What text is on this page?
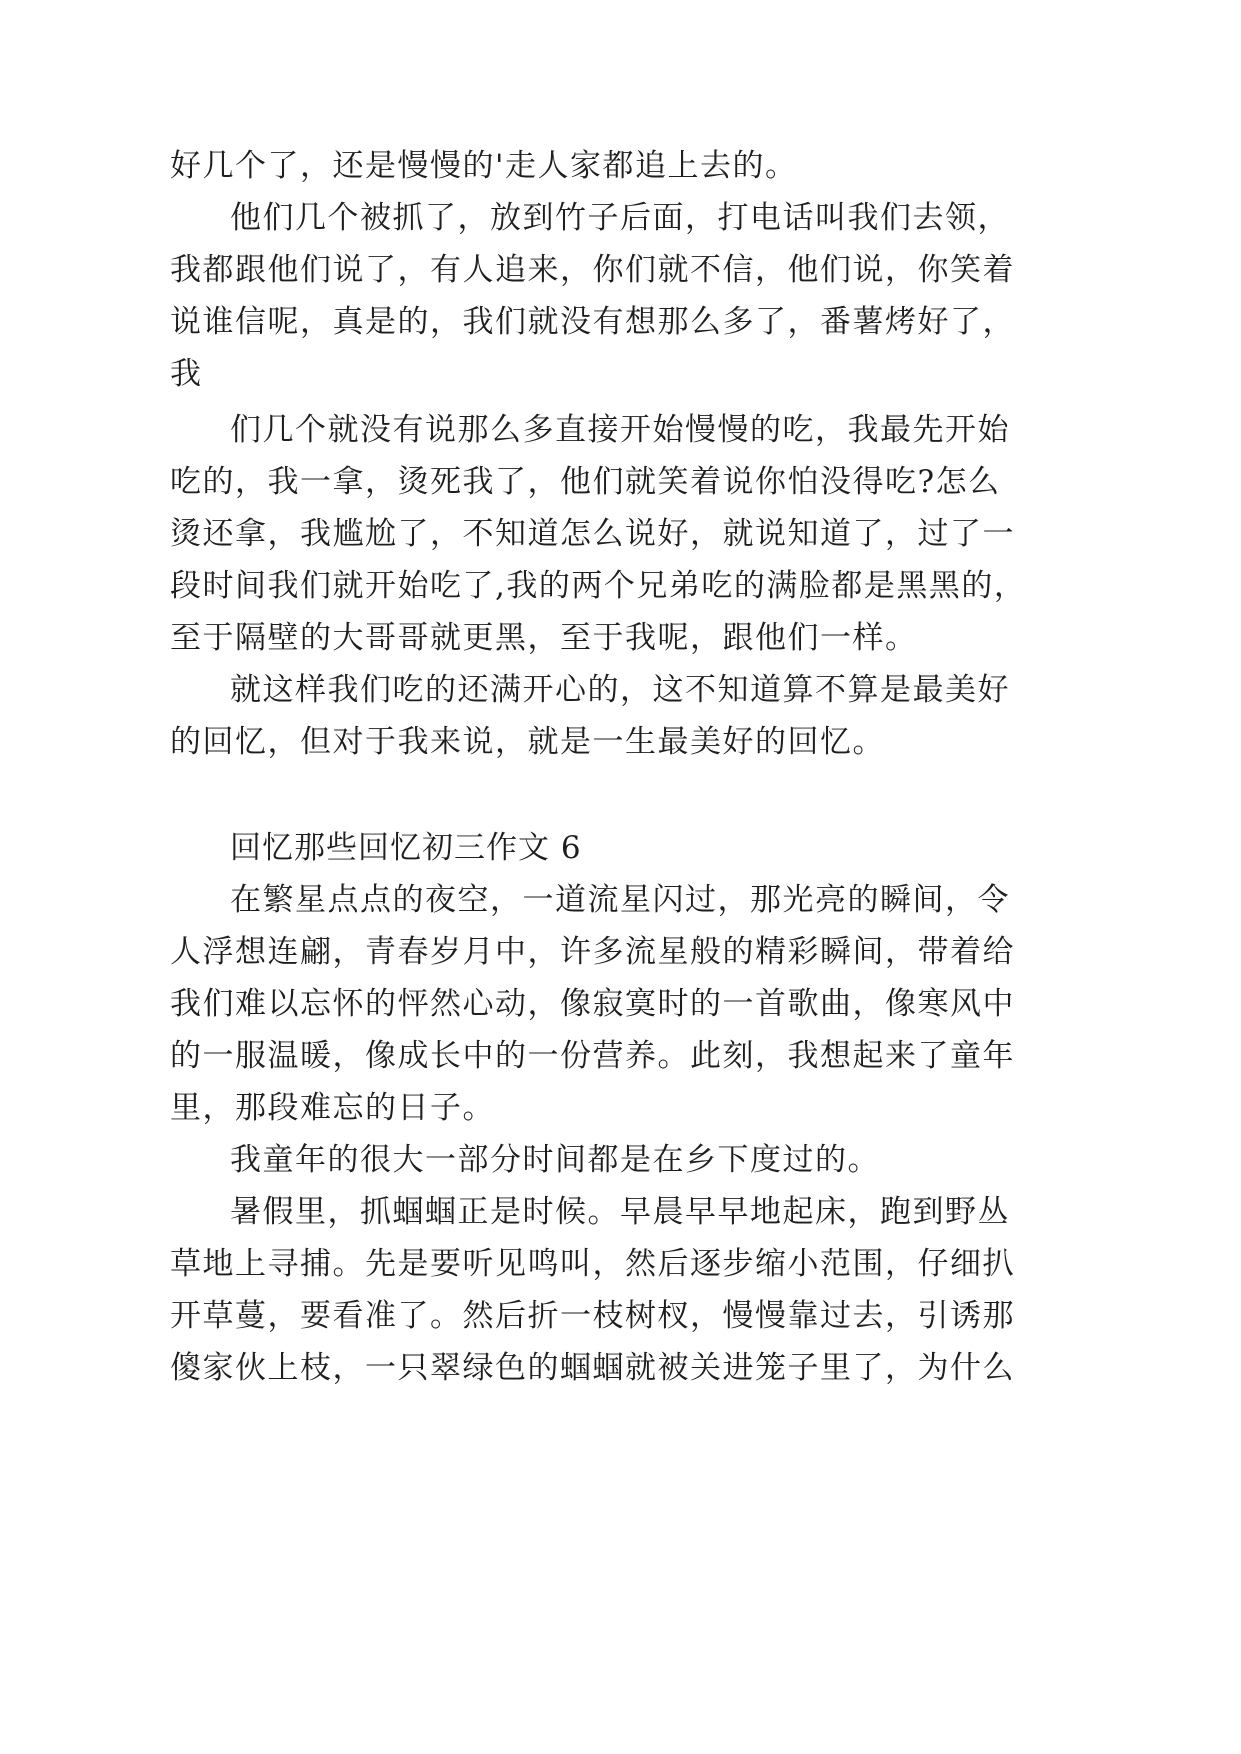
好几个了，还是慢慢的'走人家都追上去的。
他们几个被抓了，放到竹子后面，打电话叫我们去领，
我都跟他们说了，有人追来，你们就不信，他们说，你笑着
说谁信呢，真是的，我们就没有想那么多了，番薯烤好了，
我
们几个就没有说那么多直接开始慢慢的吃，我最先开始
吃的，我一拿，烫死我了，他们就笑着说你怕没得吃?怎么
烫还拿，我尴尬了，不知道怎么说好，就说知道了，过了一
段时间我们就开始吃了,我的两个兄弟吃的满脸都是黑黑的，
至于隔壁的大哥哥就更黑，至于我呢，跟他们一样。
就这样我们吃的还满开心的，这不知道算不算是最美好
的回忆，但对于我来说，就是一生最美好的回忆。
回忆那些回忆初三作文 6
在繁星点点的夜空，一道流星闪过，那光亮的瞬间，令
人浮想连翩，青春岁月中，许多流星般的精彩瞬间，带着给
我们难以忘怀的怦然心动，像寂寞时的一首歌曲，像寒风中
的一服温暖，像成长中的一份营养。此刻，我想起来了童年
里，那段难忘的日子。
我童年的很大一部分时间都是在乡下度过的。
暑假里，抓蝈蝈正是时候。早晨早早地起床，跑到野丛
草地上寻捕。先是要听见鸣叫，然后逐步缩小范围，仔细扒
开草蔓，要看准了。然后折一枝树杈，慢慢靠过去，引诱那
傻家伙上枝，一只翠绿色的蝈蝈就被关进笼子里了，为什么
